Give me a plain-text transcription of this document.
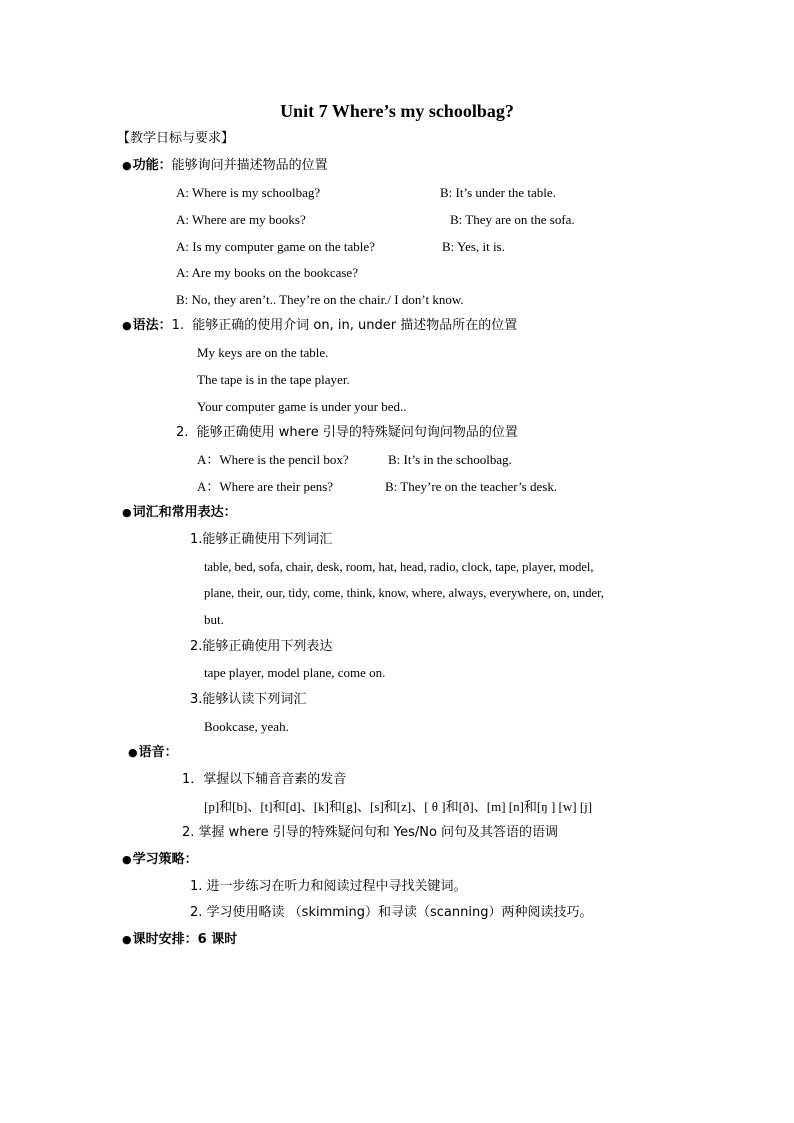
Unit 7 Where’s my schoolbag?
【教学日标与要求】
●功能：能够询问并描述物品的位置
A: Where is my schoolbag?	B: It’s under the table.
A: Where are my books?	B: They are on the sofa.
A: Is my computer game on the table?	B: Yes, it is.
A: Are my books on the bookcase?
B: No, they aren’t.. They’re on the chair./ I don’t know.
●语法：1. 能够正确的使用介词 on, in, under 描述物品所在的位置
My keys are on the table.
The tape is in the tape player.
Your computer game is under your bed..
2. 能够正确使用 where 引导的特殊疑问句询问物品的位置
A：Where is the pencil box?	B: It’s in the schoolbag.
A：Where are their pens?	B: They’re on the teacher’s desk.
●词汇和常用表达：
1.能够正确使用下列词汇
table, bed, sofa, chair, desk, room, hat, head, radio, clock, tape, player, model,
plane, their, our, tidy, come, think, know, where, always, everywhere, on, under,
but.
2.能够正确使用下列表达
tape player, model plane, come on.
3.能够认读下列词汇
Bookcase, yeah.
●语音：
1．掌握以下辅音音素的发音
[p]和[b]、[t]和[d]、[k]和[g]、[s]和[z]、[ θ ]和[ð]、[m] [n]和[ŋ ] [w] [j]
2. 掌握 where 引导的特殊疑问句和 Yes/No 问句及其答语的语调
●学习策略：
1. 进一步练习在听力和阅读过程中寻找关键词。
2. 学习使用略读 （skimming）和寻读（scanning）两种阅读技巧。
●课时安排：6 课时
